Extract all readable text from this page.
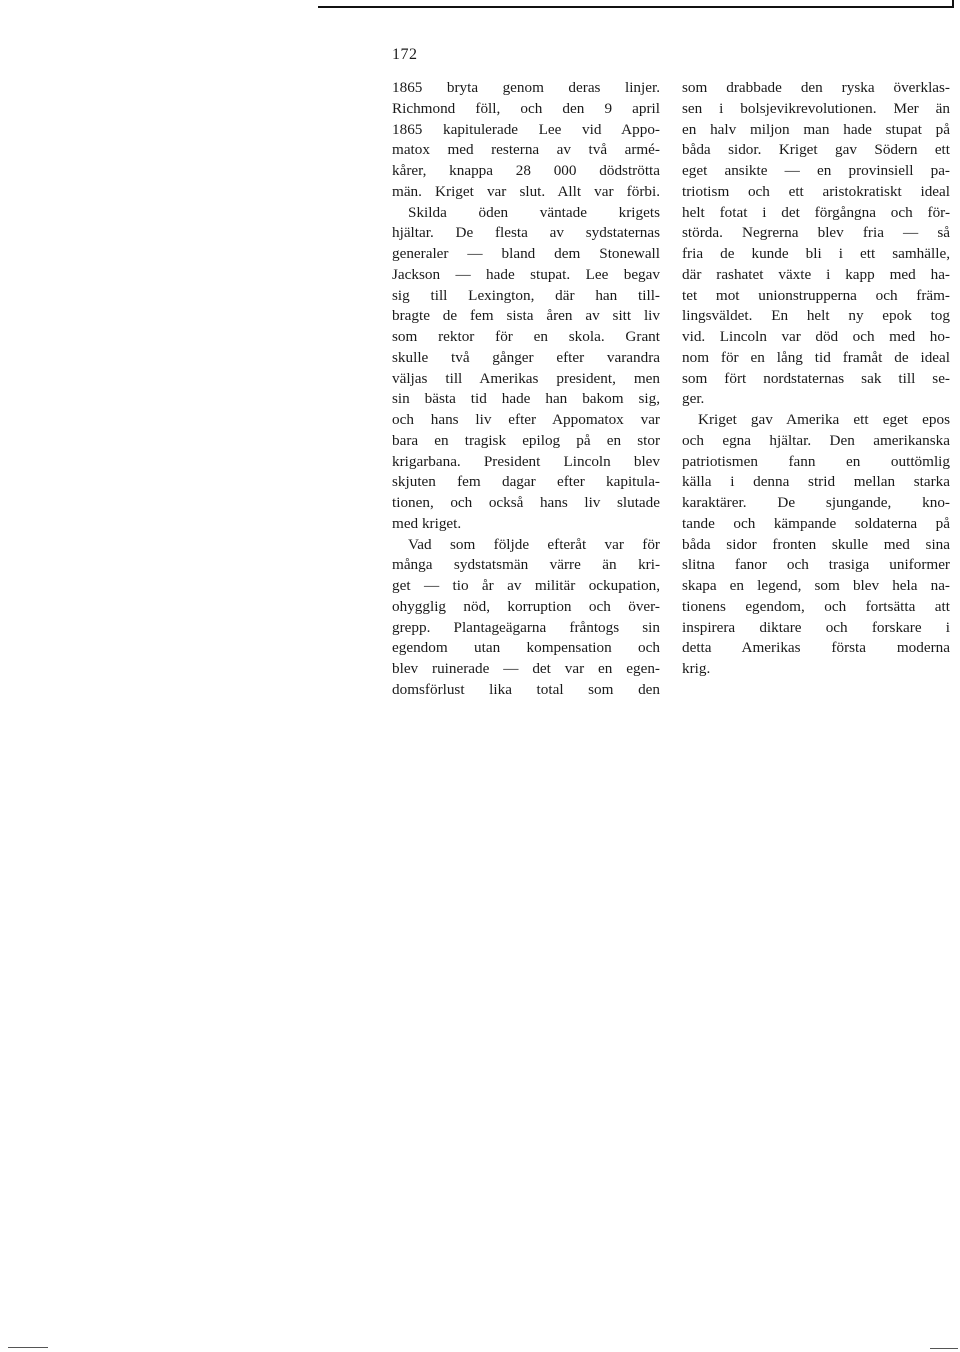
172
1865 bryta genom deras linjer.
Richmond föll, och den 9 april
1865 kapitulerade Lee vid Appo-
matox med resterna av två armé-
kårer, knappa 28 000 dödströtta
män. Kriget var slut. Allt var förbi.
Skilda öden väntade krigets
hjältar. De flesta av sydstaternas
generaler — bland dem Stonewall
Jackson — hade stupat. Lee begav
sig till Lexington, där han till-
bragte de fem sista åren av sitt liv
som rektor för en skola. Grant
skulle två gånger efter varandra
väljas till Amerikas president, men
sin bästa tid hade han bakom sig,
och hans liv efter Appomatox var
bara en tragisk epilog på en stor
krigarbana. President Lincoln blev
skjuten fem dagar efter kapitula-
tionen, och också hans liv slutade
med kriget.
Vad som följde efteråt var för
många sydstatsmän värre än kri-
get — tio år av militär ockupation,
ohygglig nöd, korruption och över-
grepp. Plantageägarna fråntogs sin
egendom utan kompensation och
blev ruinerade — det var en egen-
domsförlust lika total som den
som drabbade den ryska överklas-
sen i bolsjevikrevolutionen. Mer än
en halv miljon man hade stupat på
båda sidor. Kriget gav Södern ett
eget ansikte — en provinsiell pa-
triotism och ett aristokratiskt ideal
helt fotat i det förgångna och för-
störda. Negrerna blev fria — så
fria de kunde bli i ett samhälle,
där rashatet växte i kapp med ha-
tet mot unionstrupperna och främ-
lingsväldet. En helt ny epok tog
vid. Lincoln var död och med ho-
nom för en lång tid framåt de ideal
som fört nordstaternas sak till se-
ger.
Kriget gav Amerika ett eget epos
och egna hjältar. Den amerikanska
patriotismen fann en outtömlig
källa i denna strid mellan starka
karaktärer. De sjungande, kno-
tande och kämpande soldaterna på
båda sidor fronten skulle med sina
slitna fanor och trasiga uniformer
skapa en legend, som blev hela na-
tionens egendom, och fortsätta att
inspirera diktare och forskare i
detta Amerikas första moderna
krig.
